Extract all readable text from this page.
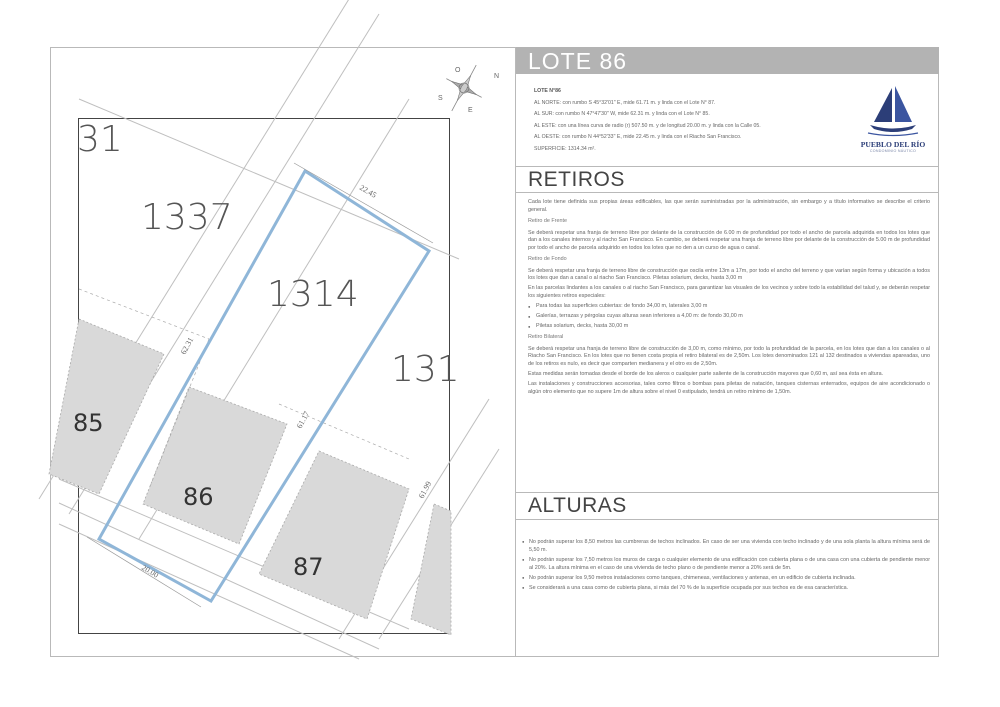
O
S
E
N
31
1337
1314
131
85
86
87
22.45
62.31
61.17
61.99
20.00
LOTE 86
LOTE N°86
AL NORTE: con rumbo S 45°32'01" E, mide 61.71 m. y linda con el Lote N° 87.
AL SUR: con rumbo N 47°47'30" W, mide 62.31 m. y linda con el Lote N° 85.
AL ESTE: con una línea curva de radio (r) 507.50 m. y de longitud 20.00 m. y linda con la Calle 05.
AL OESTE: con rumbo N 44°52'33" E, mide 22.45 m. y linda con el Riacho San Francisco.
SUPERFICIE: 1314.34 m².	PUEBLO DEL RÍO
CONDOMINIO NÁUTICO
RETIROS

Cada lote tiene definida sus propias áreas edificables, las que serán suministradas por la administración, sin embargo y a título informativo se describe el criterio general.

Retiro de Frente

Se deberá respetar una franja de terreno libre por delante de la construcción de 6.00 m de profundidad por todo el ancho de parcela adquirida en todos los lotes que dan a los canales internos y al riacho San Francisco. En cambio, se deberá respetar una franja de terreno libre por delante de la construcción de 5.00 m de profundidad por todo el ancho de parcela adquirido en todos los lotes que no den a un curso de agua o canal.

Retiro de Fondo

Se deberá respetar una franja de terreno libre de construcción que oscila entre 13m a 17m, por todo el ancho del terreno y que varían según forma y ubicación a todos los lotes que dan a canal o al riacho San Francisco. Piletas solarium, decks, hasta 3,00 m

En las parcelas lindantes a los canales o al riacho San Francisco, para garantizar las visuales de los vecinos y sobre todo la estabilidad del talud y, se deberán respetar los siguientes retiros especiales:

● Para todas las superficies cubiertas: de fondo 34,00 m, laterales 3,00 m

● Galerías, terrazas y pérgolas cuyas alturas sean inferiores a 4,00 m: de fondo 30,00 m

● Piletas solarium, decks, hasta 30,00 m

Retiro Bilateral

Se deberá respetar una franja de terreno libre de construcción de 3,00 m, como mínimo, por todo la profundidad de la parcela, en los lotes que dan a los canales o al Riacho San Francisco. En los lotes que no tienen costa propia el retiro bilateral es de 2,50m. Los lotes denominados 121 al 132 destinados a viviendas apareadas, uno de los retiros es nulo, es decir que comparten medianera y el otro es de 2,50m.

Estas medidas serán tomadas desde el borde de los aleros o cualquier parte saliente de la construcción mayores que 0,60 m, así sea ésta en altura.

Las instalaciones y construcciones accesorias, tales como filtros o bombas para piletas de natación, tanques cisternas enterrados, equipos de aire acondicionado o algún otro elemento que no supere 1m de altura sobre el nivel 0 estipulado, tendrá un retiro mínimo de 1,50m.

ALTURAS

● No podrán superar los 8,50 metros las cumbreras de techos inclinados. En caso de ser una vivienda con techo inclinado y de una sola planta la altura mínima será de 5,50 m.

● No podrán superar los 7,50 metros los muros de carga o cualquier elemento de una edificación con cubierta plana o de una casa con una cubierta de pendiente menor al 20%. La altura mínima en el caso de una vivienda de techo plano o de pendiente menor a 20% será de 5m.

● No podrán superar los 9,50 metros instalaciones como tanques, chimeneas, ventilaciones y antenas, en un edificio de cubierta inclinada.

● Se considerará a una casa como de cubierta plana, si más del 70 % de la superficie ocupada por sus techos es de esa característica.
